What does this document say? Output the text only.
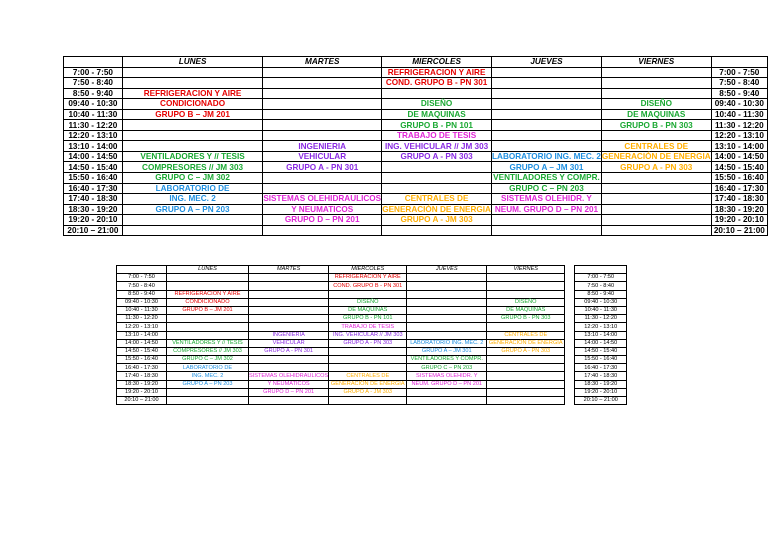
	LUNES	MARTES	MIERCOLES	JUEVES	VIERNES	
7:00 - 7:50			REFRIGERACION Y AIRE			7:00 - 7:50
7:50 - 8:40			COND. GRUPO B - PN 301			7:50 - 8:40
8:50 - 9:40	REFRIGERACION Y AIRE					8:50 - 9:40
09:40 - 10:30	CONDICIONADO		DISEÑO		DISEÑO	09:40 - 10:30
10:40 - 11:30	GRUPO B – JM 201		DE MAQUINAS		DE MAQUINAS	10:40 - 11:30
11:30 - 12:20			GRUPO B - PN 101		GRUPO B - PN 303	11:30 - 12:20
12:20 - 13:10			TRABAJO DE TESIS			12:20 - 13:10
13:10 - 14:00		INGENIERIA	ING. VEHICULAR // JM 303		CENTRALES DE	13:10 - 14:00
14:00 - 14:50	VENTILADORES Y // TESIS	VEHICULAR	GRUPO A - PN 303	LABORATORIO ING. MEC. 2	GENERACIÓN DE ENERGIA	14:00 - 14:50
14:50 - 15:40	COMPRESORES // JM 303	GRUPO A - PN 301		GRUPO A – JM 301	GRUPO A - PN 303	14:50 - 15:40
15:50 - 16:40	GRUPO C – JM 302			VENTILADORES Y COMPR.		15:50 - 16:40
16:40 - 17:30	LABORATORIO DE			GRUPO C – PN 203		16:40 - 17:30
17:40 - 18:30	ING. MEC. 2	SISTEMAS OLEHIDRAULICOS	CENTRALES DE	SISTEMAS OLEHIDR. Y		17:40 - 18:30
18:30 - 19:20	GRUPO A – PN 203	Y NEUMATICOS	GENERACIÓN DE ENERGIA	NEUM. GRUPO D – PN 201		18:30 - 19:20
19:20 - 20:10		GRUPO D – PN 201	GRUPO A - JM 303			19:20 - 20:10
20:10 – 21:00						20:10 – 21:00
	LUNES	MARTES	MIERCOLES	JUEVES	VIERNES		
7:00 - 7:50			REFRIGERACION Y AIRE				7:00 - 7:50
7:50 - 8:40			COND. GRUPO B - PN 301				7:50 - 8:40
8:50 - 9:40	REFRIGERACION Y AIRE						8:50 - 9:40
09:40 - 10:30	CONDICIONADO		DISEÑO		DISEÑO		09:40 - 10:30
10:40 - 11:30	GRUPO B – JM 201		DE MAQUINAS		DE MAQUINAS		10:40 - 11:30
11:30 - 12:20			GRUPO B - PN 101		GRUPO B - PN 303		11:30 - 12:20
12:20 - 13:10			TRABAJO DE TESIS				12:20 - 13:10
13:10 - 14:00		INGENIERIA	ING. VEHICULAR // JM 303		CENTRALES DE		13:10 - 14:00
14:00 - 14:50	VENTILADORES Y // TESIS	VEHICULAR	GRUPO A - PN 303	LABORATORIO ING. MEC. 2	GENERACIÓN DE ENERGIA		14:00 - 14:50
14:50 - 15:40	COMPRESORES // JM 303	GRUPO A - PN 301		GRUPO A – JM 301	GRUPO A - PN 303		14:50 - 15:40
15:50 - 16:40	GRUPO C – JM 302			VENTILADORES Y COMPR.			15:50 - 16:40
16:40 - 17:30	LABORATORIO DE			GRUPO C – PN 203			16:40 - 17:30
17:40 - 18:30	ING. MEC. 2	SISTEMAS OLEHIDRAULICOS	CENTRALES DE	SISTEMAS OLEHIDR. Y			17:40 - 18:30
18:30 - 19:20	GRUPO A – PN 203	Y NEUMATICOS	GENERACIÓN DE ENERGIA	NEUM. GRUPO D – PN 201			18:30 - 19:20
19:20 - 20:10		GRUPO D – PN 201	GRUPO A - JM 303				19:20 - 20:10
20:10 – 21:00							20:10 – 21:00
